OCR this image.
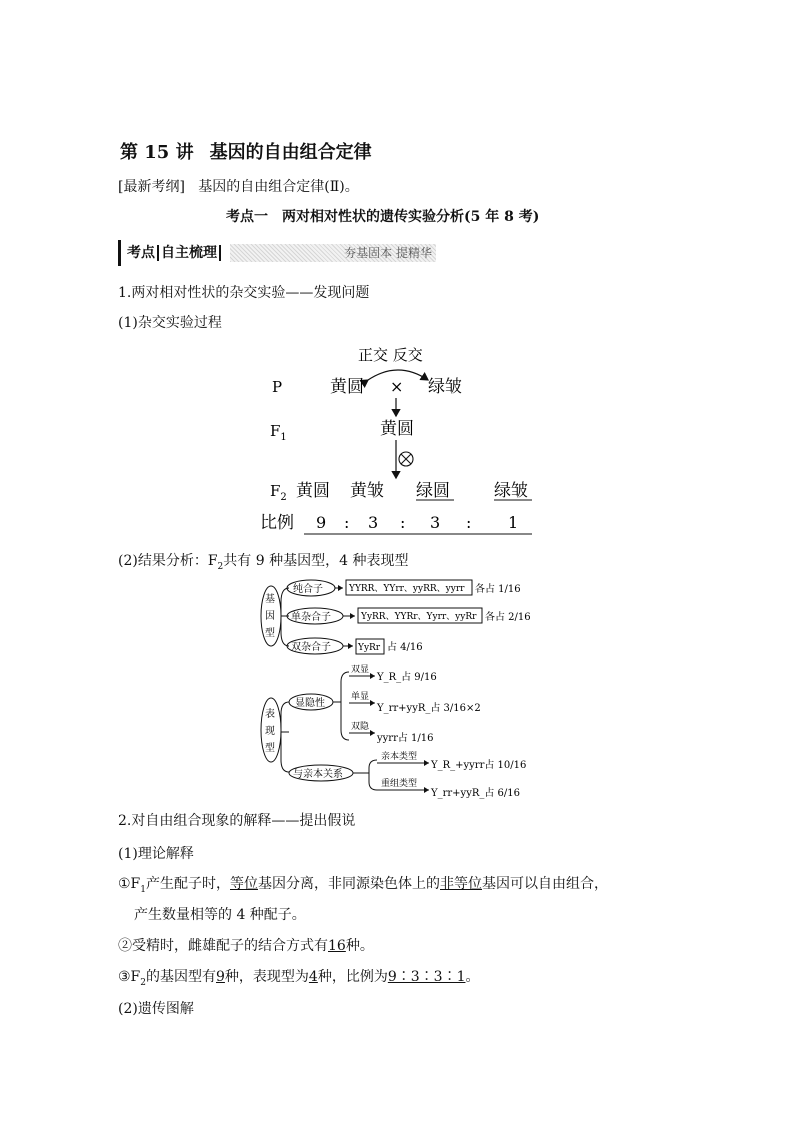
第 15 讲 基因的自由组合定律
[最新考纲] 基因的自由组合定律(Ⅱ)。
考点一　两对相对性状的遗传实验分析(5 年 8 考)
考点 自主梳理	夯基固本 提精华
1.两对相对性状的杂交实验——发现问题
(1)杂交实验过程
正交 反交
P	黄圆 × 绿皱
$F_1$	黄圆
$F_2$ 黄圆 黄皱 绿圆	绿皱
比例 9 : 3 : 3 : 1
(2)结果分析：$F_2$共有 9 种基因型，4 种表现型
基
因
型
纯合子	YYRR、YYrr、yyRR、yyrr 各占 1/16
单杂合子	YyRR、YYRr、Yyrr、yyRr 各占 2/16
双杂合子	YyRr 占 4/16
表
现
型
显隐性
双显
Y_R_占 9/16
单显
Y_rr+yyR_占 3/16×2
双隐
yyrr占 1/16
与亲本关系
亲本类型
Y_R_+yyrr占 10/16
重组类型
Y_rr+yyR_占 6/16
2.对自由组合现象的解释——提出假说
(1)理论解释
$①F_1$产生配子时，等位基因分离，非同源染色体上的非等位基因可以自由组合，
产生数量相等的 4 种配子。
②受精时，雌雄配子的结合方式有16种。
$③F_2$的基因型有9种，表现型为4种，比例为9∶3∶3∶1。
(2)遗传图解
